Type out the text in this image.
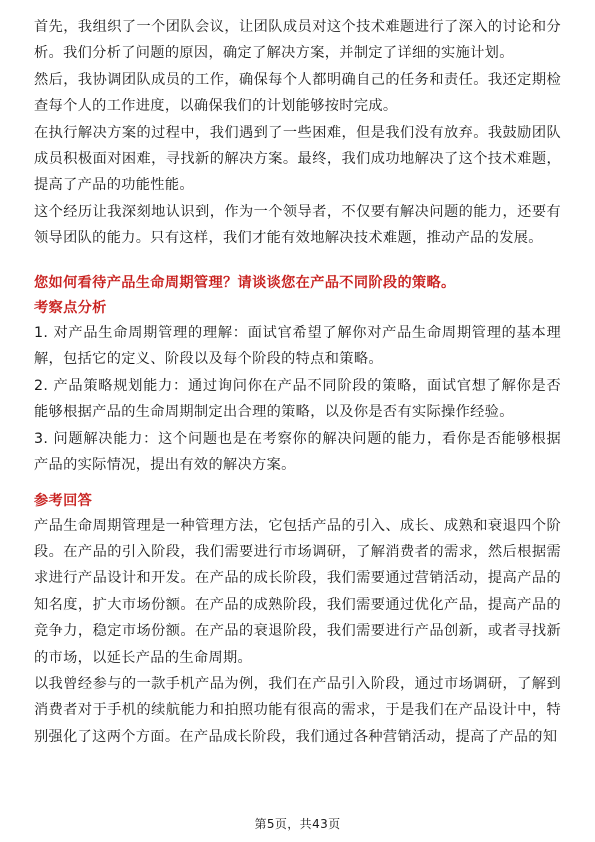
首先，我组织了一个团队会议，让团队成员对这个技术难题进行了深入的讨论和分析。我们分析了问题的原因，确定了解决方案，并制定了详细的实施计划。

然后，我协调团队成员的工作，确保每个人都明确自己的任务和责任。我还定期检查每个人的工作进度，以确保我们的计划能够按时完成。

在执行解决方案的过程中，我们遇到了一些困难，但是我们没有放弃。我鼓励团队成员积极面对困难，寻找新的解决方案。最终，我们成功地解决了这个技术难题，提高了产品的功能性能。

这个经历让我深刻地认识到，作为一个领导者，不仅要有解决问题的能力，还要有领导团队的能力。只有这样，我们才能有效地解决技术难题，推动产品的发展。

您如何看待产品生命周期管理？请谈谈您在产品不同阶段的策略。

考察点分析

1. 对产品生命周期管理的理解：面试官希望了解你对产品生命周期管理的基本理解，包括它的定义、阶段以及每个阶段的特点和策略。

2. 产品策略规划能力：通过询问你在产品不同阶段的策略，面试官想了解你是否能够根据产品的生命周期制定出合理的策略，以及你是否有实际操作经验。

3. 问题解决能力：这个问题也是在考察你的解决问题的能力，看你是否能够根据产品的实际情况，提出有效的解决方案。

参考回答

产品生命周期管理是一种管理方法，它包括产品的引入、成长、成熟和衰退四个阶段。在产品的引入阶段，我们需要进行市场调研，了解消费者的需求，然后根据需求进行产品设计和开发。在产品的成长阶段，我们需要通过营销活动，提高产品的知名度，扩大市场份额。在产品的成熟阶段，我们需要通过优化产品，提高产品的竞争力，稳定市场份额。在产品的衰退阶段，我们需要进行产品创新，或者寻找新的市场，以延长产品的生命周期。

以我曾经参与的一款手机产品为例，我们在产品引入阶段，通过市场调研，了解到消费者对于手机的续航能力和拍照功能有很高的需求，于是我们在产品设计中，特别强化了这两个方面。在产品成长阶段，我们通过各种营销活动，提高了产品的知

第5页，共43页
